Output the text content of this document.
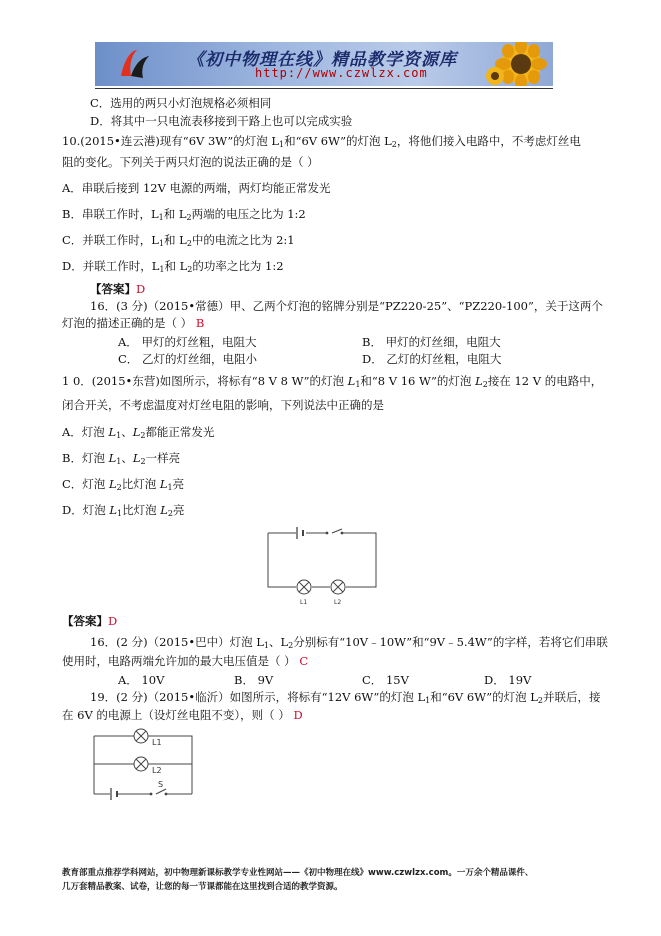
《初中物理在线》精品教学资源库
http://www.czwlzx.com
C．选用的两只小灯泡规格必须相同
D．将其中一只电流表移接到干路上也可以完成实验
10.(2015•连云港)现有“6V 3W”的灯泡 $L_1$和“6V 6W”的灯泡 $L_2$，将他们接入电路中，不考虑灯丝电
阻的变化。下列关于两只灯泡的说法正确的是（ ）
A．串联后接到 12V 电源的两端，两灯均能正常发光
B．串联工作时，$L_1$和 $L_2$两端的电压之比为 1:2
C．并联工作时，$L_1$和 $L_2$中的电流之比为 2:1
D．并联工作时，$L_1$和 $L_2$的功率之比为 1:2
【答案】D
16．(3 分)（2015•常德）甲、乙两个灯泡的铭牌分别是“PZ220-25”、“PZ220-100”，关于这两个
灯泡的描述正确的是（ ） B
A． 甲灯的灯丝粗，电阻大	B． 甲灯的灯丝细，电阻大
C． 乙灯的灯丝细，电阻小	D． 乙灯的灯丝粗，电阻大
1 0．(2015•东营)如图所示，将标有“8 V 8 W”的灯泡 $L_1$和“8 V 16 W”的灯泡 $L_2$接在 12 V 的电路中，
闭合开关，不考虑温度对灯丝电阻的影响，下列说法中正确的是
A．灯泡 $L_1$、$L_2$都能正常发光
B．灯泡 $L_1$、$L_2$一样亮
C．灯泡 $L_2$比灯泡 $L_1$亮
D．灯泡 $L_1$比灯泡 $L_2$亮
L1	L2
【答案】D
16．(2 分)（2015•巴中）灯泡 $L_1$、$L_2$分别标有“10V﹣10W”和“9V﹣5.4W”的字样，若将它们串联
使用时，电路两端允许加的最大电压值是（ ） C
A． 10V	B． 9V	C． 15V	D． 19V
19．(2 分)（2015•临沂）如图所示，将标有“12V 6W”的灯泡 $L_1$和“6V 6W”的灯泡 $L_2$并联后，接
在 6V 的电源上（设灯丝电阻不变），则（ ） D
L1
L2
S
教育部重点推荐学科网站，初中物理新课标教学专业性网站——《初中物理在线》www.czwlzx.com。一万余个精品课件、
几万套精品教案、试卷，让您的每一节课都能在这里找到合适的教学资源。
